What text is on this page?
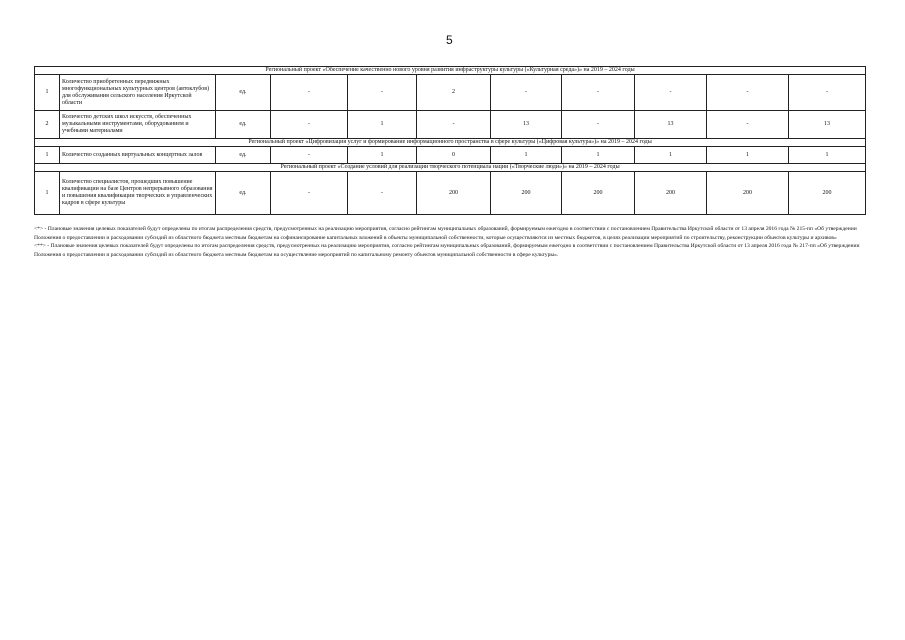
5
Региональный проект «Обеспечение качественно нового уровня развития инфраструктуры культуры («Культурная среда»)» на 2019 – 2024 годы										
1	Количество приобретенных передвижных многофункциональных культурных центров (автоклубов) для обслуживания сельского населения Иркутской области	ед.	-	-	2	-	-	-	-	-
2	Количество детских школ искусств, обеспеченных музыкальными инструментами, оборудованием и учебными материалами	ед.	-	1	-	13	-	13	-	13
Региональный проект «Цифровизация услуг и формирование информационного пространства в сфере культуры («Цифровая культура»)» на 2019 – 2024 годы										
1	Количество созданных виртуальных концертных залов	ед.	-	1	0	1	1	1	1	1
Региональный проект «Создание условий для реализации творческого потенциала нации («Творческие люди»)» на 2019 – 2024 годы										
1	Количество специалистов, прошедших повышение квалификации на базе Центров непрерывного образования и повышения квалификации творческих и управленческих кадров в сфере культуры	ед.	-	-	200	200	200	200	200	200

<*> - Плановые значения целевых показателей будут определены по итогам распределения средств, предусмотренных на реализацию мероприятия, согласно рейтингам муниципальных образований, формируемым ежегодно в соответствии с постановлением Правительства Иркутской области от 13 апреля 2016 года № 215-пп «Об утверждении Положения о предоставлении и расходовании субсидий из областного бюджета местным бюджетам на софинансирование капитальных вложений в объекты муниципальной собственности, которые осуществляются из местных бюджетов, в целях реализации мероприятий по строительству, реконструкции объектов культуры и архивов»

<**> - Плановые значения целевых показателей будут определены по итогам распределения средств, предусмотренных на реализацию мероприятия, согласно рейтингам муниципальных образований, формируемым ежегодно в соответствии с постановлением Правительства Иркутской области от 13 апреля 2016 года № 217-пп «Об утверждении Положения о предоставлении и расходовании субсидий из областного бюджета местным бюджетам на осуществление мероприятий по капитальному ремонту объектов муниципальной собственности в сфере культуры».
